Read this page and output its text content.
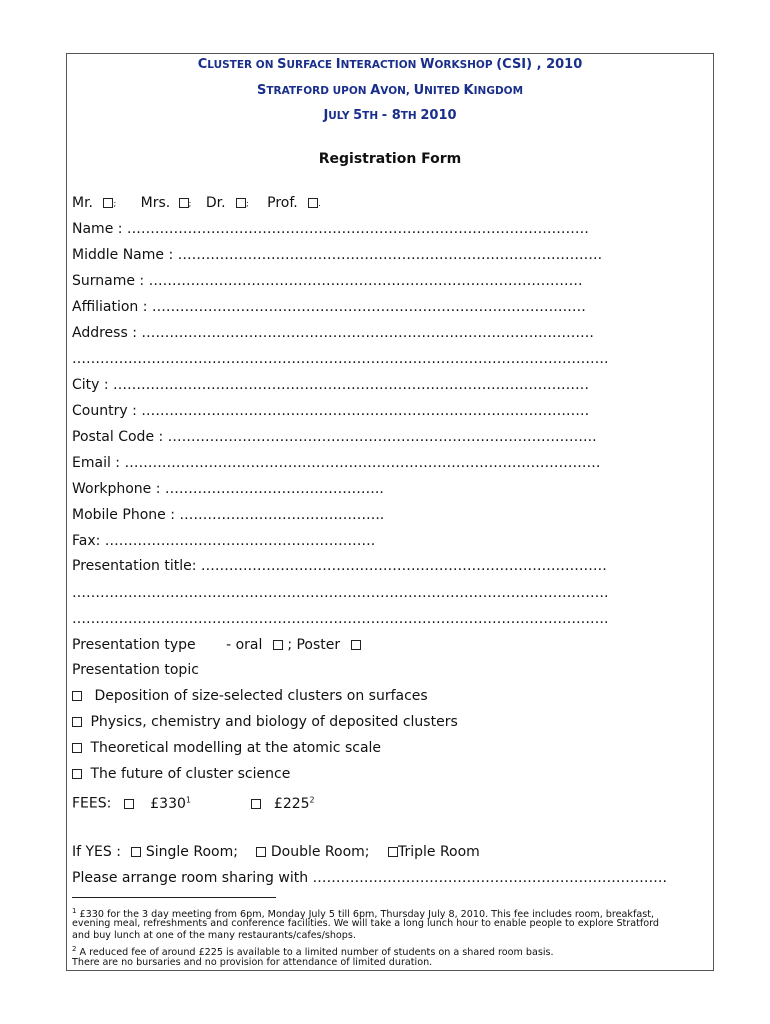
CLUSTER ON SURFACE INTERACTION WORKSHOP (CSI) , 2010
STRATFORD UPON AVON, UNITED KINGDOM
JULY 5TH - 8TH 2010
Registration Form
Mr.	; Mrs. ; Dr.	; Prof.	.
Name : ………………………………………………………………………………………
Middle Name : ……………………………………………………………………………….
Surname : …………………………………………………………………………………
Affiliation : …………………………………………………………………………………
Address : …………………………………………………………………………………….
…………………………………………………………………………………………………….
City : …………………………………………………………………………………………
Country : ……………………………………………………………………………………
Postal Code : ………………………………………………………………………………..
Email : …………………………………………………………………………………………
Workphone : ………………………………………..
Mobile Phone : ……………………………………..
Fax: ………………………………………………….
Presentation title: ……………………………………………………………………………
…………………………………………………………………………………………………….
…………………………………………………………………………………………………….
Presentation type - oral ; Poster
Presentation topic
Deposition of size-selected clusters on surfaces
Physics, chemistry and biology of deposited clusters
Theoretical modelling at the atomic scale
The future of cluster science
FEES:	$£330^1$	$£225^2$
If YES : Single Room; Double Room; Triple Room
Please arrange room sharing with ………………………………………………………………….
$^1$ £330 for the 3 day meeting from 6pm, Monday July 5 till 6pm, Thursday July 8, 2010. This fee includes room, breakfast,
evening meal, refreshments and conference facilities. We will take a long lunch hour to enable people to explore Stratford
and buy lunch at one of the many restaurants/cafes/shops.
$^2$ A reduced fee of around £225 is available to a limited number of students on a shared room basis.
There are no bursaries and no provision for attendance of limited duration.
